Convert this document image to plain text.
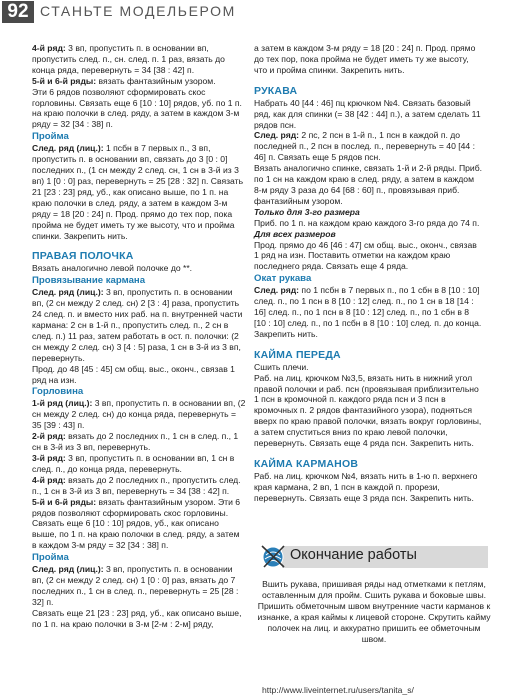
92 СТАНЬТЕ МОДЕЛЬЕРОМ

4-й ряд: 3 вп, пропустить п. в основании вп, пропустить след. п., сн. след. п. 1 раз, вязать до конца ряда, перевернуть = 34 [38 : 42] п.

5-й и 6-й ряды: вязать фантазийным узором.

Эти 6 рядов позволяют сформировать скос горловины. Связать еще 6 [10 : 10] рядов, уб. по 1 п. на краю полочки в след. ряду, а затем в каждом 3-м ряду = 32 [34 : 38] п.

Пройма

След. ряд (лиц.): 1 псбн в 7 первых п., 3 вп, пропустить п. в основании вп, связать до 3 [0 : 0] последних п., (1 сн между 2 след. сн, 1 сн в 3-й из 3 вп) 1 [0 : 0] раз, перевернуть = 25 [28 : 32] п. Связать 21 [23 : 23] ряд, уб., как описано выше, по 1 п. на краю полочки в след. ряду, а затем в каждом 3-м ряду = 18 [20 : 24] п. Прод. прямо до тех пор, пока пройма не будет иметь ту же высоту, что и пройма спинки. Закрепить нить.

ПРАВАЯ ПОЛОЧКА

Вязать аналогично левой полочке до **.

Провязывание кармана

След. ряд (лиц.): 3 вп, пропустить п. в основании вп, (2 сн между 2 след. сн) 2 [3 : 4] раза, пропустить 24 след. п. и вместо них раб. на п. внутренней части кармана: 2 сн в 1-й п., пропустить след. п., 2 сн в след. п.) 11 раз, затем работать в ост. п. полочки: (2 сн между 2 след. сн) 3 [4 : 5] раза, 1 сн в 3-й из 3 вп, перевернуть.

Прод. до 48 [45 : 45] см общ. выс., оконч., связав 1 ряд на изн.

Горловина

1-й ряд (лиц.): 3 вп, пропустить п. в основании вп, (2 сн между 2 след. сн) до конца ряда, перевернуть = 35 [39 : 43] п.

2-й ряд: вязать до 2 последних п., 1 сн в след. п., 1 сн в 3-й из 3 вп, перевернуть.

3-й ряд: 3 вп, пропустить п. в основании вп, 1 сн в след. п., до конца ряда, перевернуть.

4-й ряд: вязать до 2 последних п., пропустить след. п., 1 сн в 3-й из 3 вп, перевернуть = 34 [38 : 42] п.

5-й и 6-й ряды: вязать фантазийным узором. Эти 6 рядов позволяют сформировать скос горловины. Связать еще 6 [10 : 10] рядов, уб., как описано выше, по 1 п. на краю полочки в след. ряду, а затем в каждом 3-м ряду = 32 [34 : 38] п.

Пройма

След. ряд (лиц.): 3 вп, пропустить п. в основании вп, (2 сн между 2 след. сн) 1 [0 : 0] раз, вязать до 7 последних п., 1 сн в след. п., перевернуть = 25 [28 : 32] п.

Связать еще 21 [23 : 23] ряд, уб., как описано выше, по 1 п. на краю полочки в 3-м [2-м : 2-м] ряду,

а затем в каждом 3-м ряду = 18 [20 : 24] п. Прод. прямо до тех пор, пока пройма не будет иметь ту же высоту, что и пройма спинки. Закрепить нить.

РУКАВА

Набрать 40 [44 : 46] пц крючком №4. Связать базовый ряд, как для спинки (= 38 [42 : 44] п.), а затем сделать 11 рядов псн.

След. ряд: 2 пс, 2 псн в 1-й п., 1 псн в каждой п. до последней п., 2 псн в послед. п., перевернуть = 40 [44 : 46] п. Связать еще 5 рядов псн.

Вязать аналогично спинке, связать 1-й и 2-й ряды. Приб. по 1 сн на каждом краю в след. ряду, а затем в каждом 8-м ряду 3 раза до 64 [68 : 60] п., провязывая приб. фантазийным узором.

Только для 3-го размера

Приб. по 1 п. на каждом краю каждого 3-го ряда до 74 п.

Для всех размеров

Прод. прямо до 46 [46 : 47] см общ. выс., оконч., связав 1 ряд на изн. Поставить отметки на каждом краю последнего ряда. Связать еще 4 ряда.

Окат рукава

След. ряд: по 1 псбн в 7 первых п., по 1 сбн в 8 [10 : 10] след. п., по 1 псн в 8 [10 : 12] след. п., по 1 сн в 18 [14 : 16] след. п., по 1 псн в 8 [10 : 12] след. п., по 1 сбн в 8 [10 : 10] след. п., по 1 псбн в 8 [10 : 10] след. п. до конца. Закрепить нить.

КАЙМА ПЕРЕДА

Сшить плечи.

Раб. на лиц. крючком №3,5, вязать нить в нижний угол правой полочки и раб. псн (провязывая приблизительно 1 псн в кромочной п. каждого ряда псн и 3 псн в кромочных п. 2 рядов фантазийного узора), подняться вверх по краю правой полочки, вязать вокруг горловины, а затем спуститься вниз по краю левой полочки, перевернуть. Связать еще 4 ряда псн. Закрепить нить.

КАЙМА КАРМАНОВ

Раб. на лиц. крючком №4, вязать нить в 1-ю п. верхнего края кармана, 2 вп, 1 псн в каждой п. прорези, перевернуть. Связать еще 3 ряда псн. Закрепить нить.

Окончание работы
Вшить рукава, пришивая ряды над отметками к петлям, оставленным для пройм. Сшить рукава и боковые швы. Пришить обметочным швом внутренние части карманов к изнанке, а края каймы к лицевой стороне. Скрутить кайму полочек на лиц. и аккуратно пришить ее обметочным швом.
http://www.liveinternet.ru/users/tanita_s/
